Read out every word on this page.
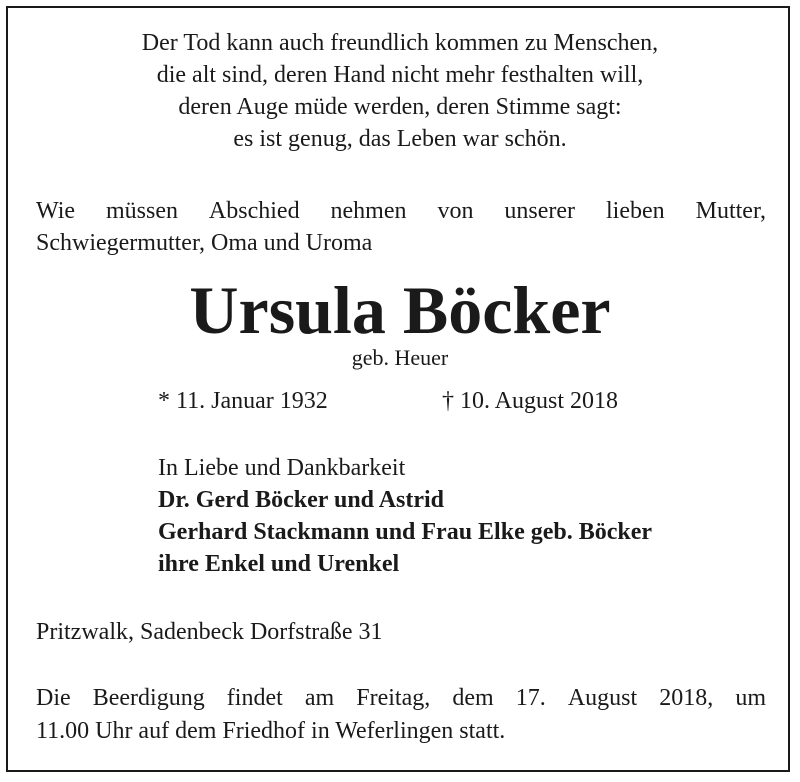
Der Tod kann auch freundlich kommen zu Menschen,
die alt sind, deren Hand nicht mehr festhalten will,
deren Auge müde werden, deren Stimme sagt:
es ist genug, das Leben war schön.
Wie müssen Abschied nehmen von unserer lieben Mutter,
Schwiegermutter, Oma und Uroma
Ursula Böcker
geb. Heuer
* 11. Januar 1932	† 10. August 2018
In Liebe und Dankbarkeit
Dr. Gerd Böcker und Astrid
Gerhard Stackmann und Frau Elke geb. Böcker
ihre Enkel und Urenkel
Pritzwalk, Sadenbeck Dorfstraße 31
Die Beerdigung findet am Freitag, dem 17. August 2018, um
11.00 Uhr auf dem Friedhof in Weferlingen statt.
